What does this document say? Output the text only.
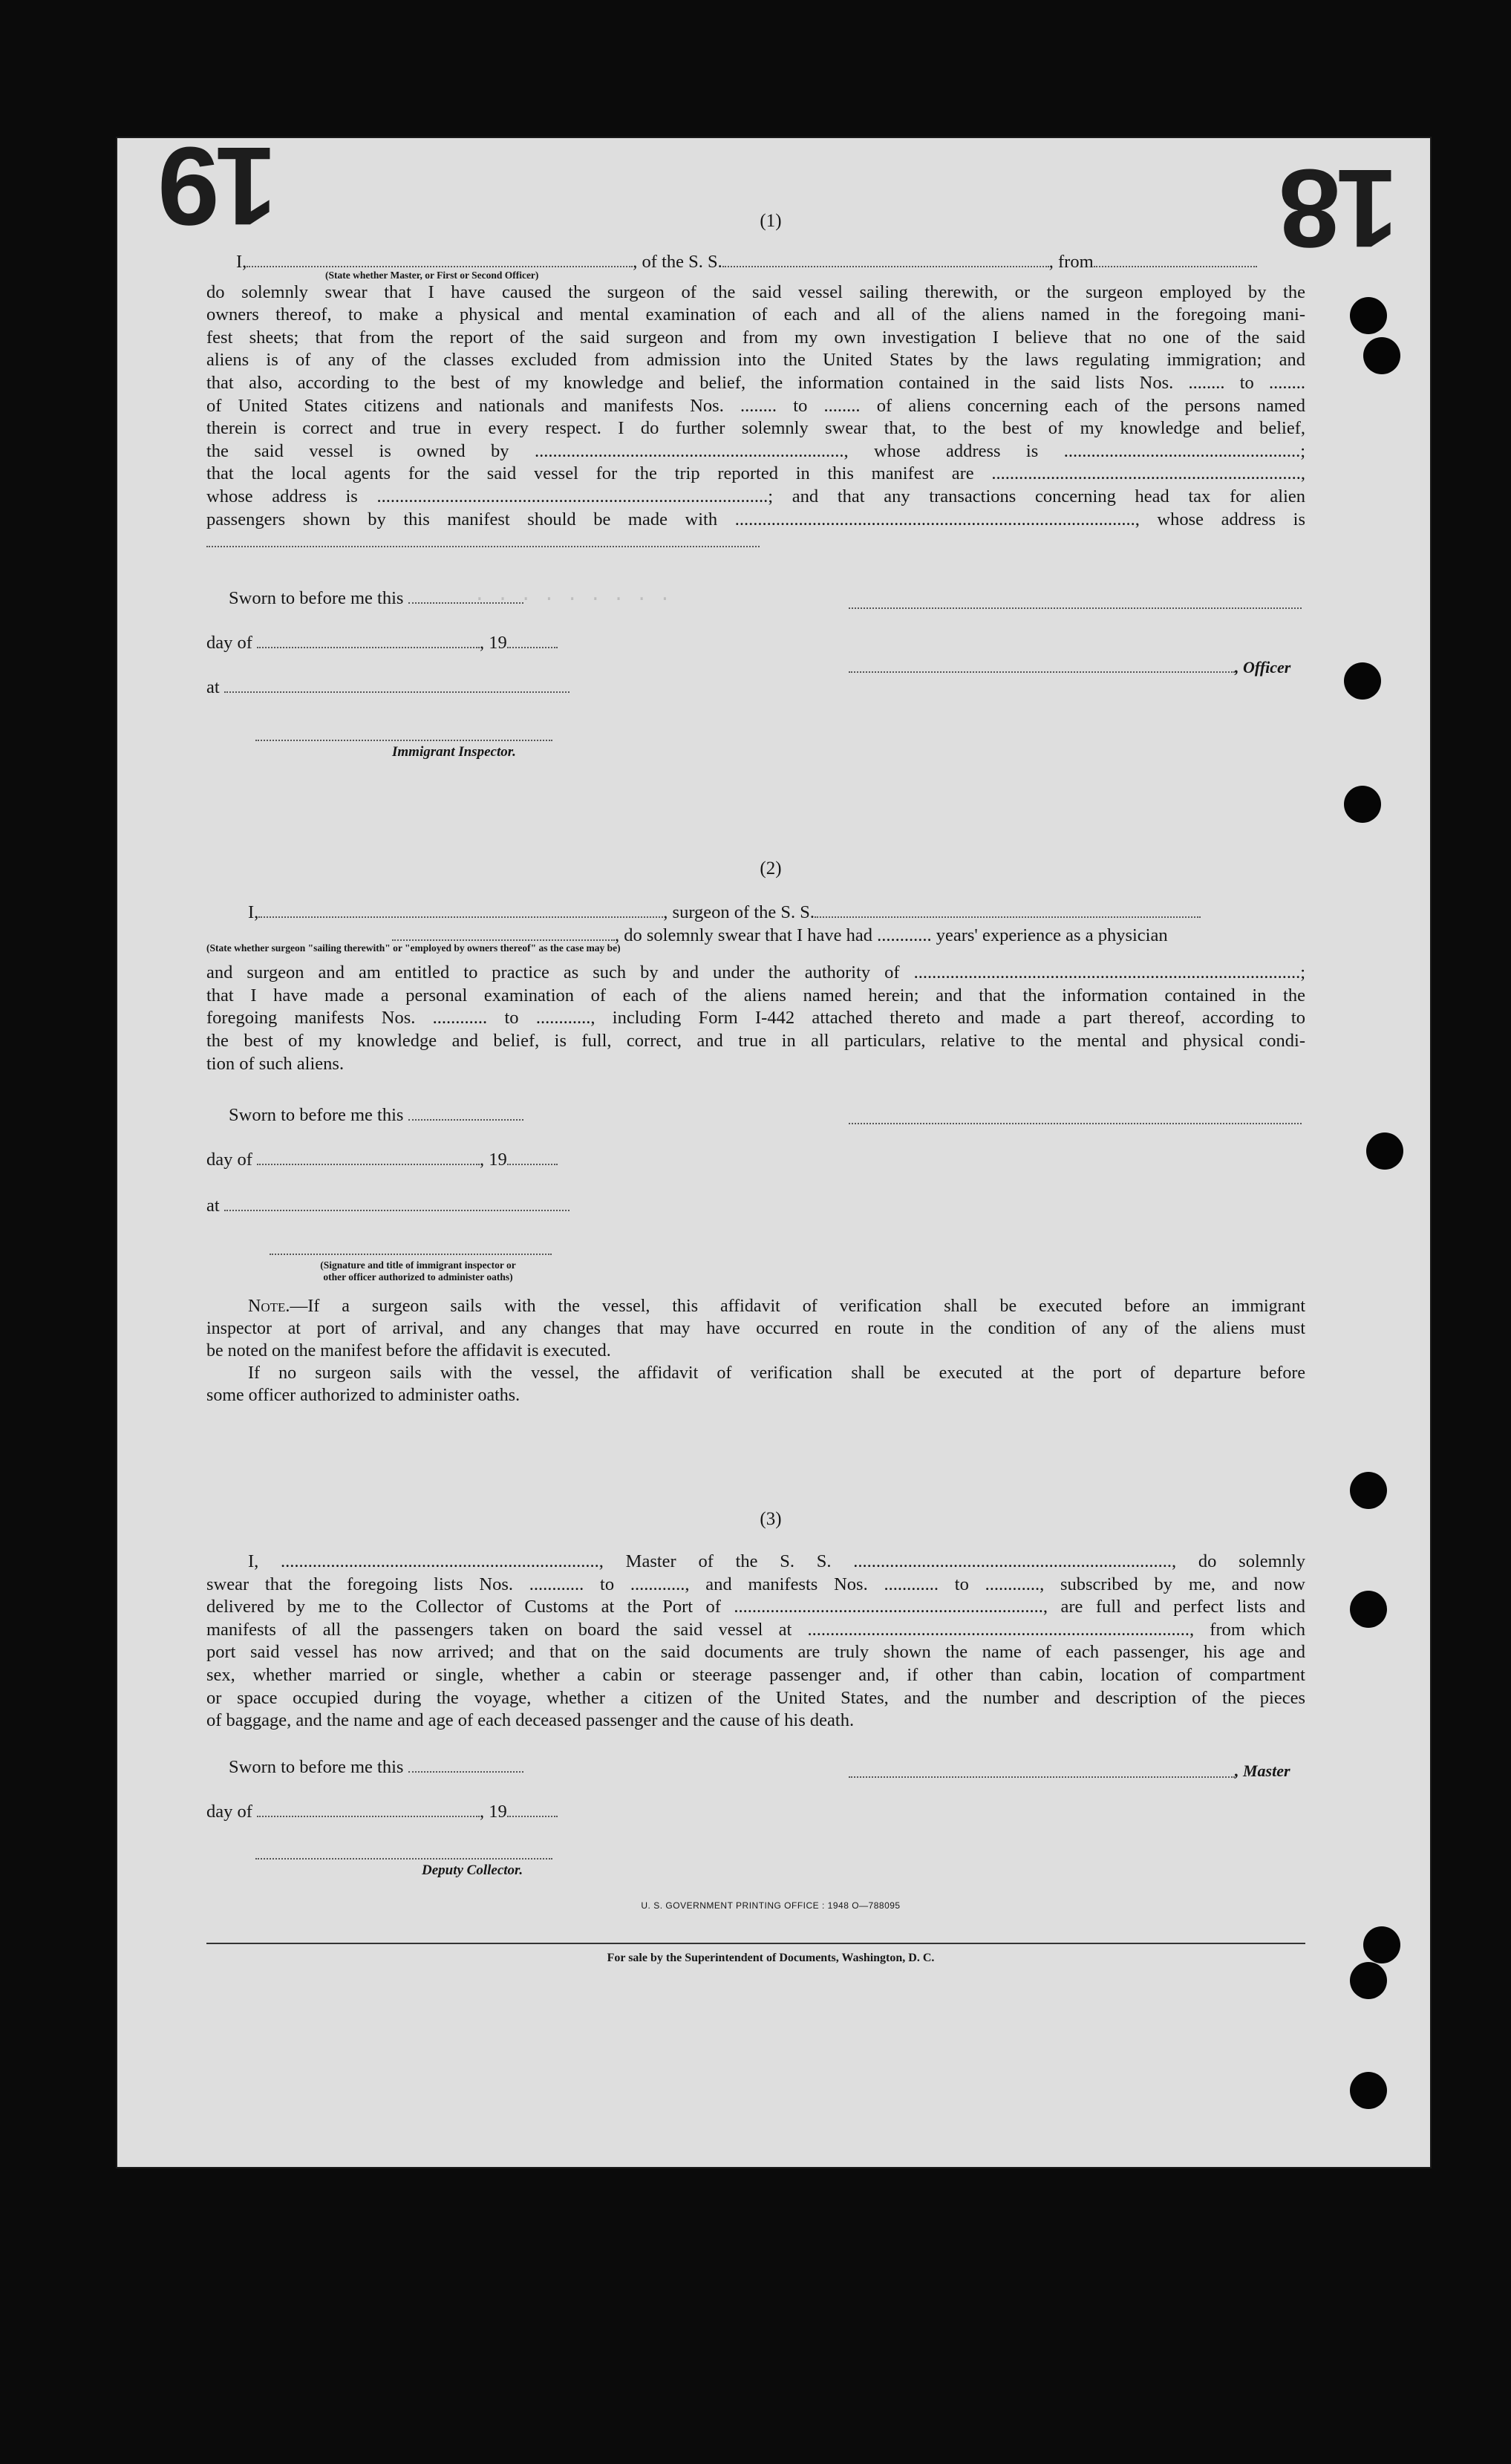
19	18
. . . . . . . . .
(1)
I,	, of the S. S.	, from
(State whether Master, or First or Second Officer)
do solemnly swear that I have caused the surgeon of the said vessel sailing therewith, or the surgeon employed by the
owners thereof, to make a physical and mental examination of each and all of the aliens named in the foregoing mani-
fest sheets; that from the report of the said surgeon and from my own investigation I believe that no one of the said
aliens is of any of the classes excluded from admission into the United States by the laws regulating immigration; and
that also, according to the best of my knowledge and belief, the information contained in the said lists Nos. ........ to ........
of United States citizens and nationals and manifests Nos. ........ to ........ of aliens concerning each of the persons named
therein is correct and true in every respect. I do further solemnly swear that, to the best of my knowledge and belief,
the said vessel is owned by ...................................................................., whose address is ....................................................;
that the local agents for the said vessel for the trip reported in this manifest are ....................................................................,
whose address is ......................................................................................; and that any transactions concerning head tax for alien
passengers shown by this manifest should be made with ........................................................................................, whose address is
Sworn to before me this
day of	, 19
at
Immigrant Inspector.
, Officer
(2)
I,	, surgeon of the S. S.
, do solemnly swear that I have had ............ years' experience as a physician
(State whether surgeon "sailing therewith" or "employed by owners thereof" as the case may be)
and surgeon and am entitled to practice as such by and under the authority of .....................................................................................;
that I have made a personal examination of each of the aliens named herein; and that the information contained in the
foregoing manifests Nos. ............ to ............, including Form I-442 attached thereto and made a part thereof, according to
the best of my knowledge and belief, is full, correct, and true in all particulars, relative to the mental and physical condi-
tion of such aliens.
Sworn to before me this
day of	, 19
at
(Signature and title of immigrant inspector or
other officer authorized to administer oaths)
Note.—If a surgeon sails with the vessel, this affidavit of verification shall be executed before an immigrant
inspector at port of arrival, and any changes that may have occurred en route in the condition of any of the aliens must
be noted on the manifest before the affidavit is executed.
If no surgeon sails with the vessel, the affidavit of verification shall be executed at the port of departure before
some officer authorized to administer oaths.
(3)
I, ......................................................................, Master of the S. S. ......................................................................, do solemnly
swear that the foregoing lists Nos. ............ to ............, and manifests Nos. ............ to ............, subscribed by me, and now
delivered by me to the Collector of Customs at the Port of ...................................................................., are full and perfect lists and
manifests of all the passengers taken on board the said vessel at ...................................................................................., from which
port said vessel has now arrived; and that on the said documents are truly shown the name of each passenger, his age and
sex, whether married or single, whether a cabin or steerage passenger and, if other than cabin, location of compartment
or space occupied during the voyage, whether a citizen of the United States, and the number and description of the pieces
of baggage, and the name and age of each deceased passenger and the cause of his death.
Sworn to before me this
day of	, 19
Deputy Collector.
, Master
U. S. GOVERNMENT PRINTING OFFICE : 1948 O—788095
For sale by the Superintendent of Documents, Washington, D. C.
